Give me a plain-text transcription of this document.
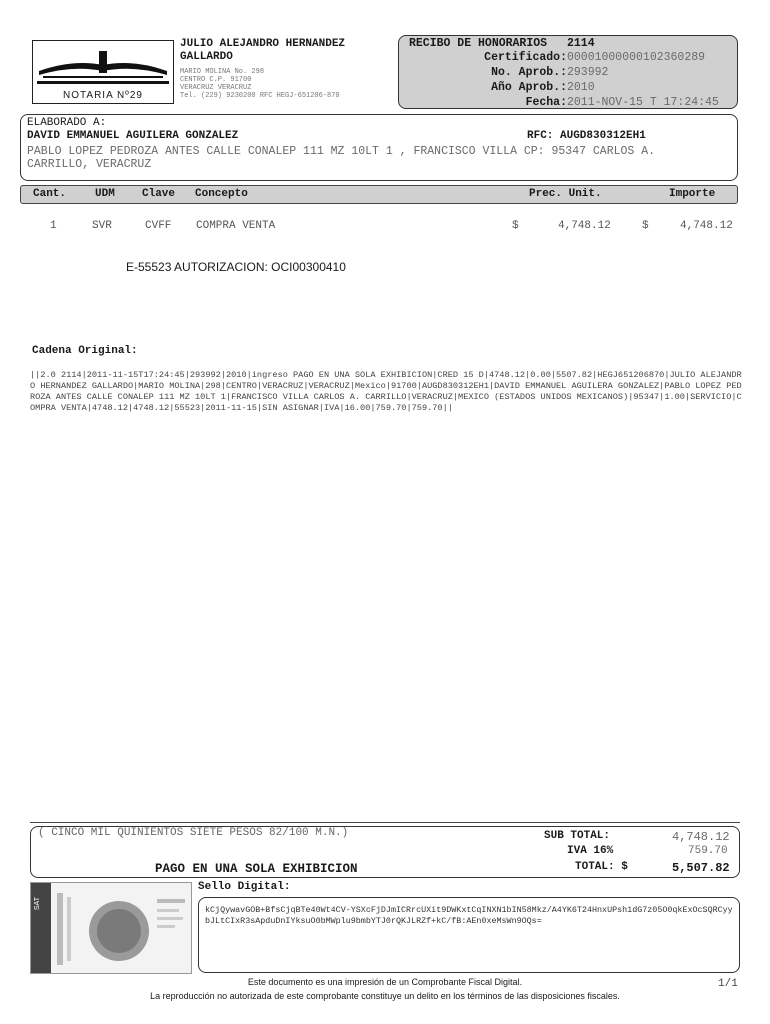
NOTARIA Nº29
JULIO ALEJANDRO HERNANDEZ
GALLARDO
MARIO MOLINA No. 298
CENTRO C.P. 91700
VERACRUZ VERACRUZ
Tel. (229) 9230200 RFC HEGJ-651206-870
RECIBO DE HONORARIOS 2114
Certificado: 00001000000102360289
No. Aprob.: 293992
Año Aprob.: 2010
Fecha: 2011-NOV-15 T 17:24:45
ELABORADO A:
DAVID EMMANUEL AGUILERA GONZALEZ	RFC: AUGD830312EH1
PABLO LOPEZ PEDROZA ANTES CALLE CONALEP 111 MZ 10LT 1 , FRANCISCO VILLA CP: 95347 CARLOS A.
CARRILLO, VERACRUZ
Cant.	UDM Clave Concepto	Prec. Unit.	Importe
1	SVR	CVFF COMPRA VENTA	$	4,748.12	$	4,748.12
E-55523 AUTORIZACION: OCI00300410
Cadena Original:

||2.0 2114|2011-11-15T17:24:45|293992|2010|ingreso PAGO EN UNA SOLA EXHIBICION|CRED 15 D|4748.12|0.00|5507.82|HEGJ651206870|JULIO ALEJANDRO HERNANDEZ GALLARDO|MARIO MOLINA|298|CENTRO|VERACRUZ|VERACRUZ|Mexico|91700|AUGD830312EH1|DAVID EMMANUEL AGUILERA GONZALEZ|PABLO LOPEZ PEDROZA ANTES CALLE CONALEP 111 MZ 10LT 1|FRANCISCO VILLA CARLOS A. CARRILLO|VERACRUZ|MEXICO (ESTADOS UNIDOS MEXICANOS)|95347|1.00|SERVICIO|COMPRA VENTA|4748.12|4748.12|55523|2011-11-15|SIN ASIGNAR|IVA|16.00|759.70|759.70||

( CINCO MIL QUINIENTOS SIETE PESOS 82/100 M.N.)
PAGO EN UNA SOLA EXHIBICION
SUB TOTAL:	4,748.12
IVA 16%	759.70
TOTAL: $	5,507.82
SAT
Sello Digital:

kCjQywavGOB+BfsCjqBTe40Wt4CV-YSXcFjDJmICRrcUXit9DWKxtCqINXN1bIN58Mkz/A4YK6T24HnxUPsh1dG7z05O0qkExOcSQRCyybJLtCIxR3sApduDnIYksuO0bMWplu9bmbYTJ0rQKJLRZf+kC/fB:AEn0xeMsWn9OQs=

Este documento es una impresión de un Comprobante Fiscal Digital.
La reproducción no autorizada de este comprobante constituye un delito en los términos de las disposiciones fiscales.
1/1
